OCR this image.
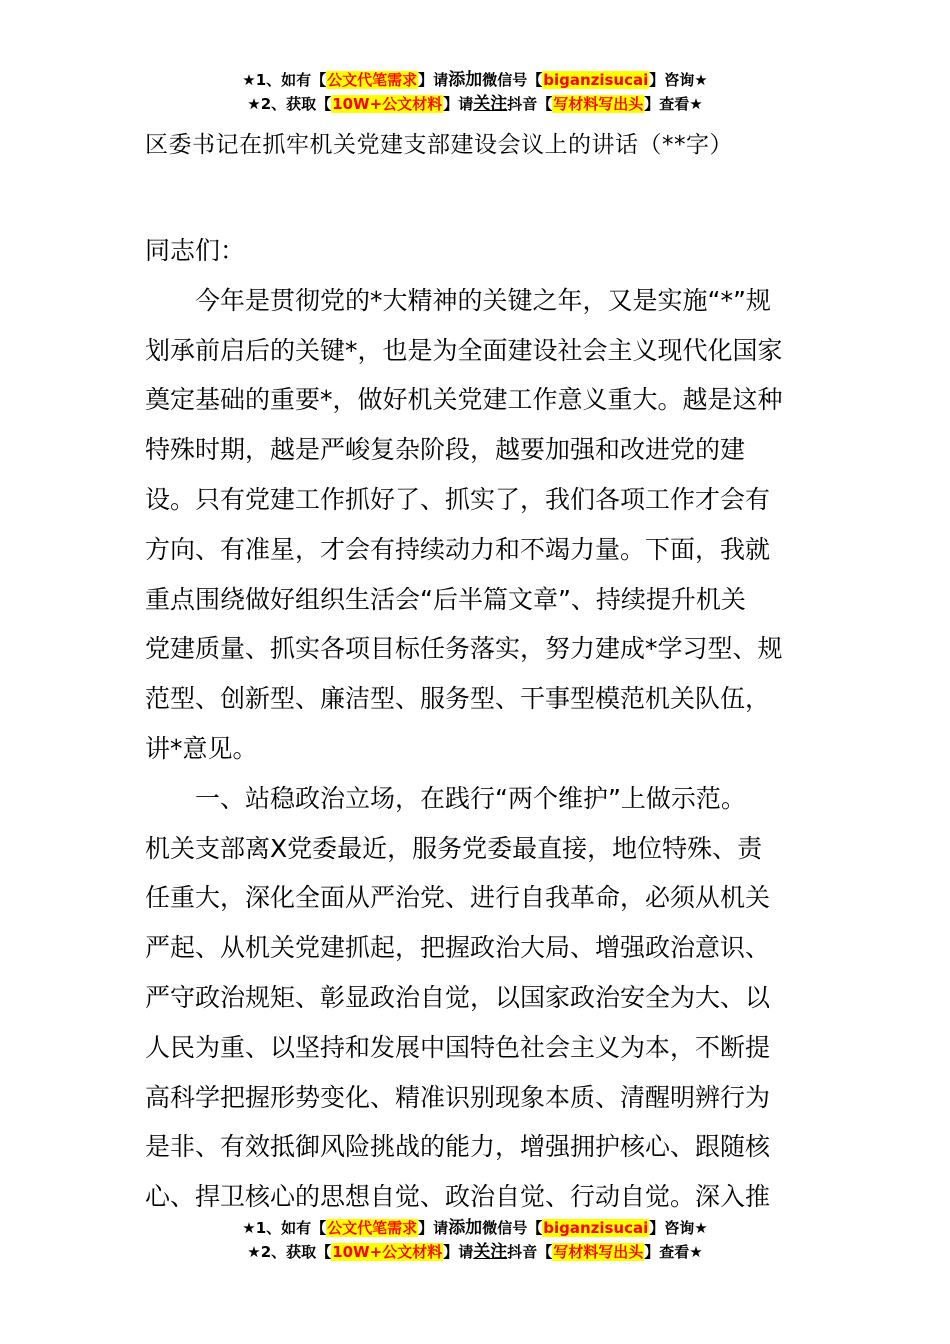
★1、如有【公文代笔需求】请添加微信号【biganzisucai】咨询★
★2、获取【10W+公文材料】请关注抖音【写材料写出头】查看★
区委书记在抓牢机关党建支部建设会议上的讲话（**字）

同志们：

今年是贯彻党的*大精神的关键之年，又是实施“*”规

划承前启后的关键*，也是为全面建设社会主义现代化国家

奠定基础的重要*，做好机关党建工作意义重大。越是这种

特殊时期，越是严峻复杂阶段，越要加强和改进党的建

设。只有党建工作抓好了、抓实了，我们各项工作才会有

方向、有准星，才会有持续动力和不竭力量。下面，我就

重点围绕做好组织生活会“后半篇文章”、持续提升机关

党建质量、抓实各项目标任务落实，努力建成*学习型、规

范型、创新型、廉洁型、服务型、干事型模范机关队伍，

讲*意见。

一、站稳政治立场，在践行“两个维护”上做示范。

机关支部离X党委最近，服务党委最直接，地位特殊、责

任重大，深化全面从严治党、进行自我革命，必须从机关

严起、从机关党建抓起，把握政治大局、增强政治意识、

严守政治规矩、彰显政治自觉，以国家政治安全为大、以

人民为重、以坚持和发展中国特色社会主义为本，不断提

高科学把握形势变化、精准识别现象本质、清醒明辨行为

是非、有效抵御风险挑战的能力，增强拥护核心、跟随核

心、捍卫核心的思想自觉、政治自觉、行动自觉。深入推

★1、如有【公文代笔需求】请添加微信号【biganzisucai】咨询★
★2、获取【10W+公文材料】请关注抖音【写材料写出头】查看★
